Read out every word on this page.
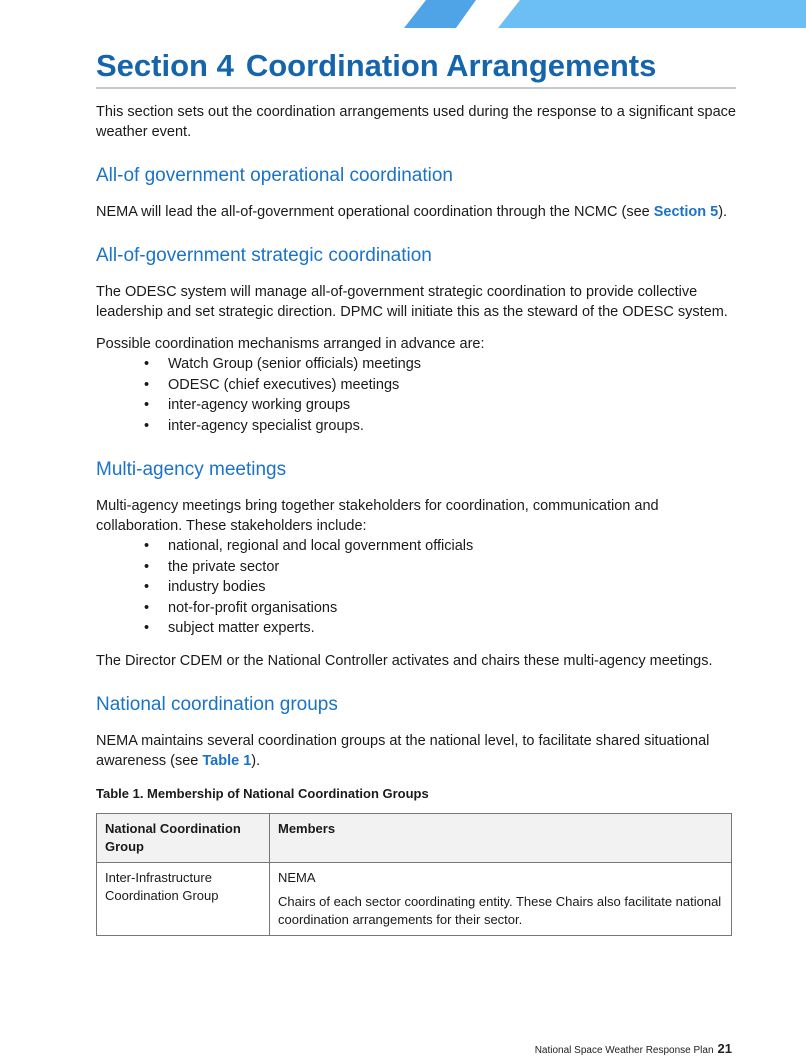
Section 4 Coordination Arrangements

This section sets out the coordination arrangements used during the response to a significant space weather event.

All-of government operational coordination

NEMA will lead the all-of-government operational coordination through the NCMC (see Section 5).

All-of-government strategic coordination

The ODESC system will manage all-of-government strategic coordination to provide collective leadership and set strategic direction. DPMC will initiate this as the steward of the ODESC system.

Possible coordination mechanisms arranged in advance are:

• Watch Group (senior officials) meetings
• ODESC (chief executives) meetings
• inter-agency working groups
• inter-agency specialist groups.
Multi-agency meetings

Multi-agency meetings bring together stakeholders for coordination, communication and collaboration. These stakeholders include:

• national, regional and local government officials
• the private sector
• industry bodies
• not-for-profit organisations
• subject matter experts.

The Director CDEM or the National Controller activates and chairs these multi-agency meetings.

National coordination groups

NEMA maintains several coordination groups at the national level, to facilitate shared situational awareness (see Table 1).

Table 1. Membership of National Coordination Groups
National Coordination Group	Members
Inter-Infrastructure Coordination Group	NEMA
Chairs of each sector coordinating entity. These Chairs also facilitate national coordination arrangements for their sector.
National Space Weather Response Plan 21
